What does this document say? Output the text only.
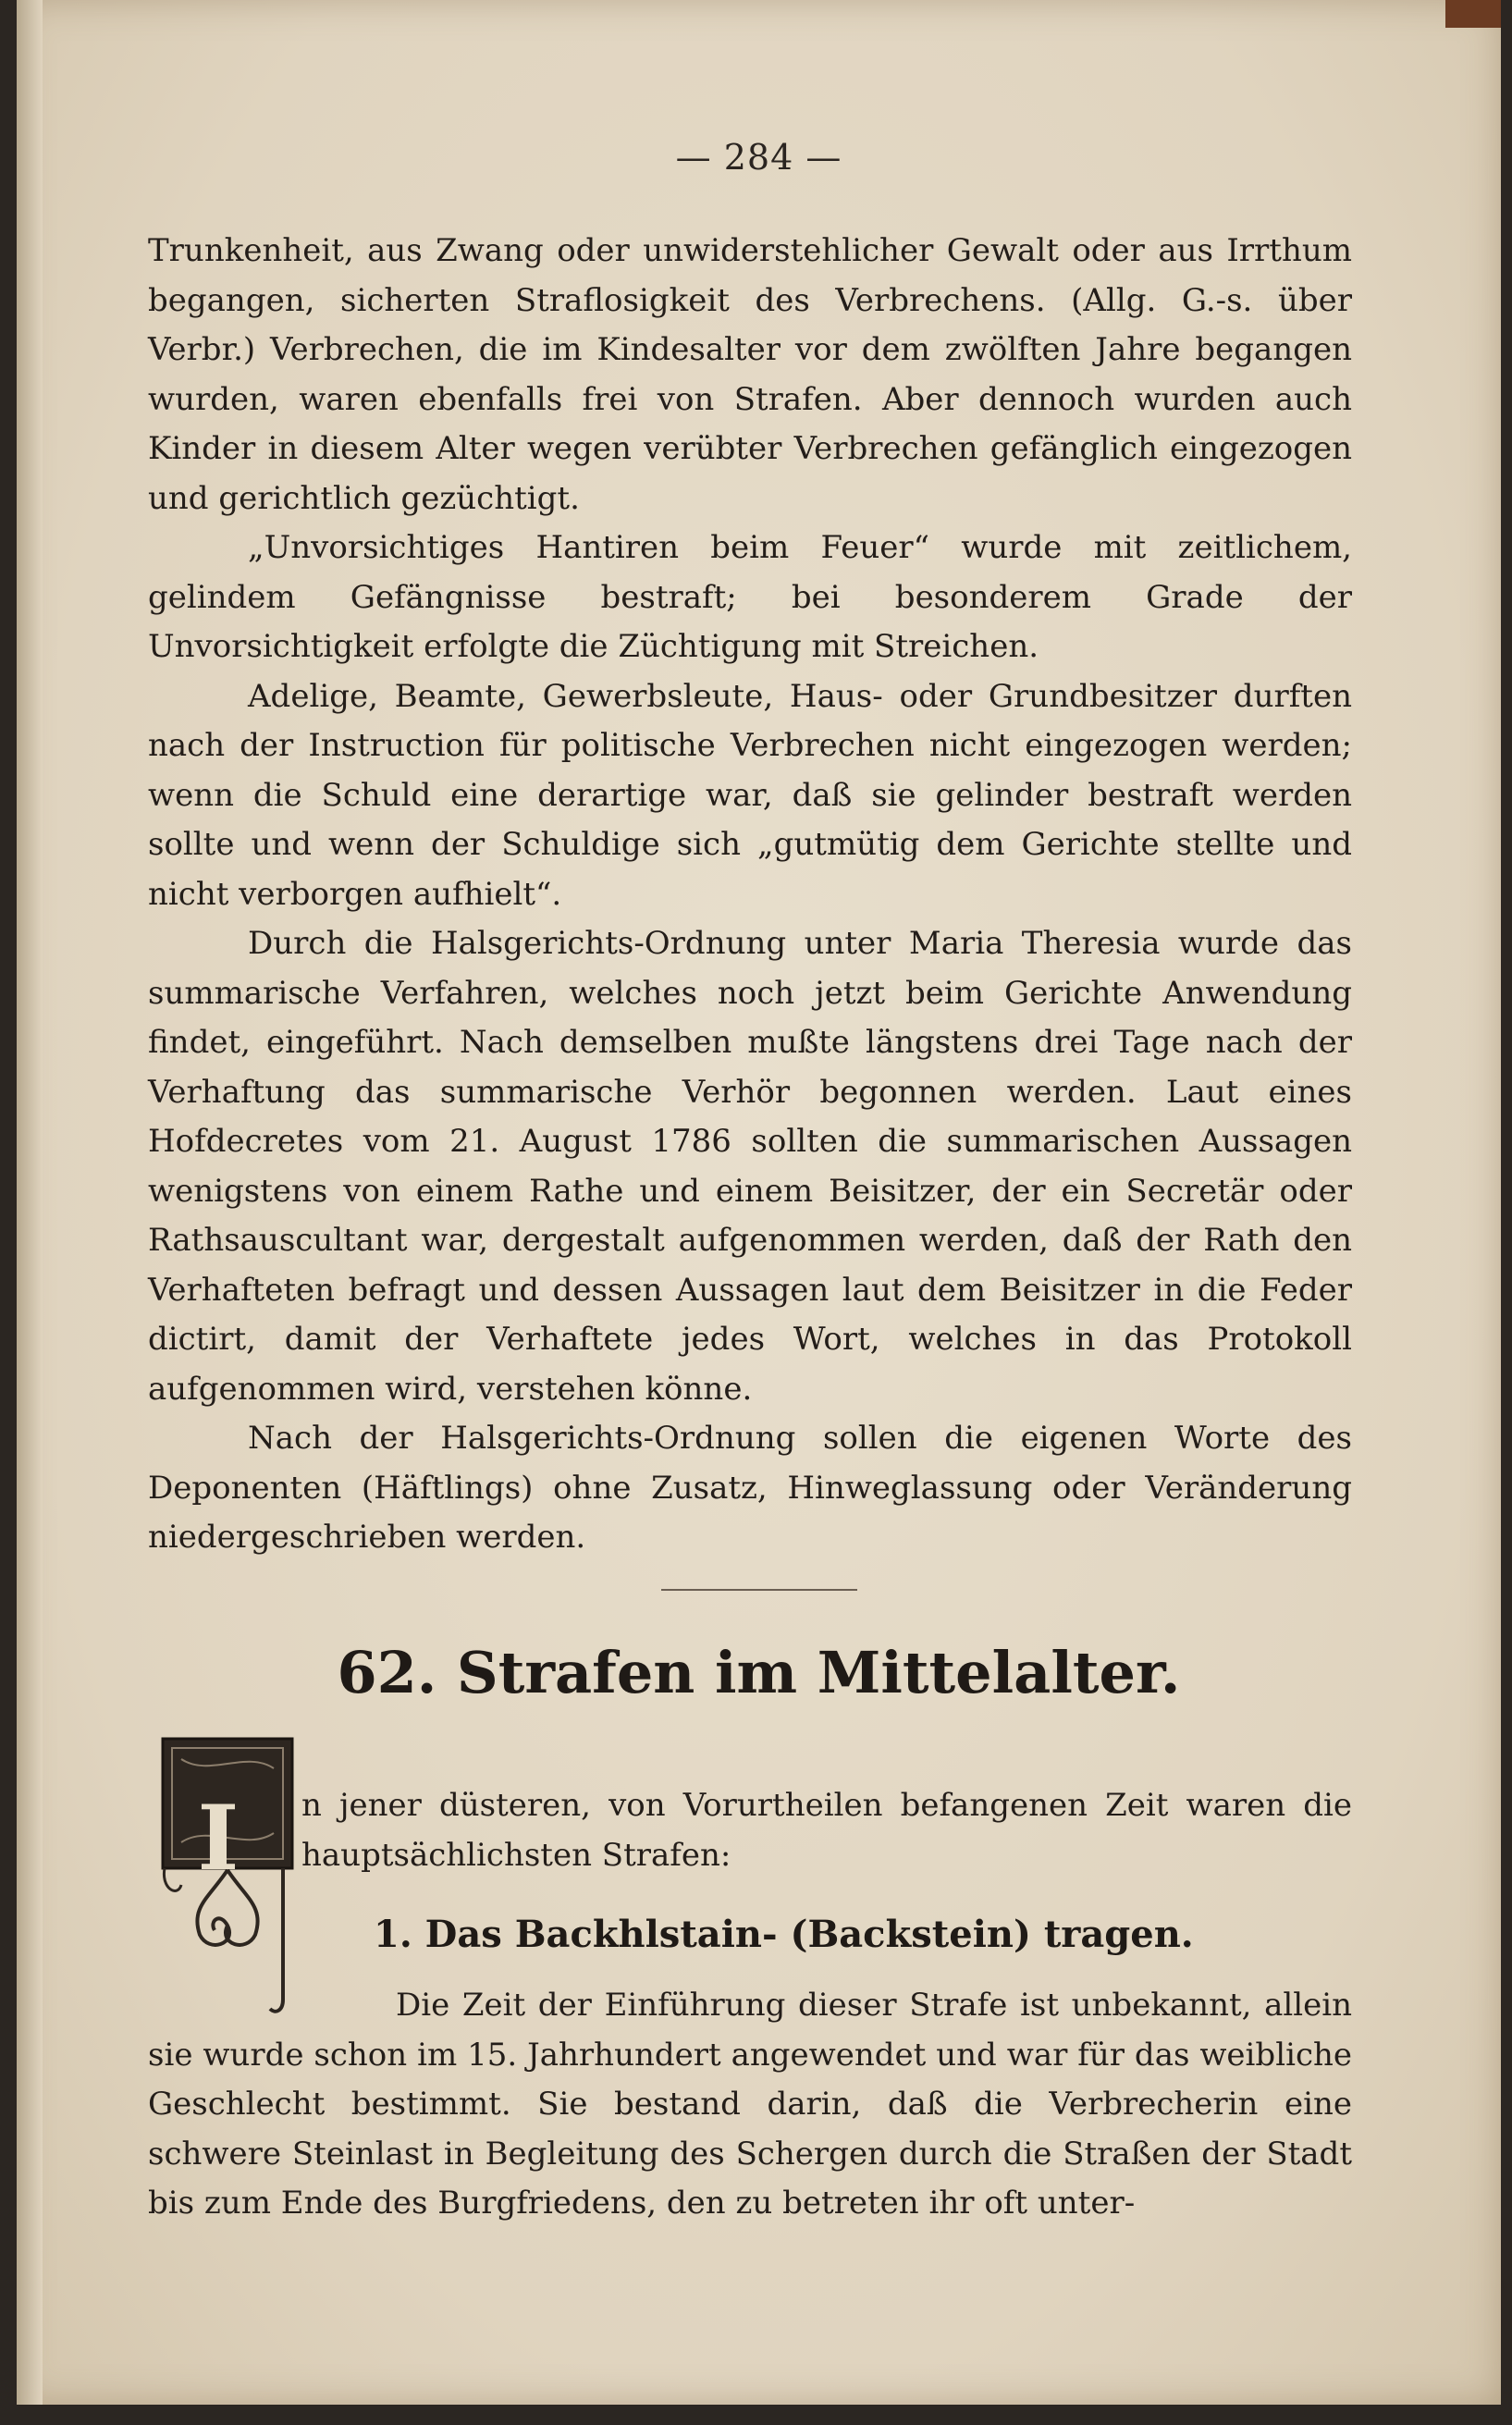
— 284 —

Trunkenheit, aus Zwang oder unwiderstehlicher Gewalt oder aus Irrthum begangen, sicherten Straflosigkeit des Verbrechens. (Allg. G.-s. über Verbr.) Verbrechen, die im Kindesalter vor dem zwölften Jahre begangen wurden, waren ebenfalls frei von Strafen. Aber dennoch wurden auch Kinder in diesem Alter wegen verübter Verbrechen gefänglich eingezogen und gerichtlich gezüchtigt.

„Unvorsichtiges Hantiren beim Feuer“ wurde mit zeitlichem, gelindem Gefängnisse bestraft; bei besonderem Grade der Unvorsichtigkeit erfolgte die Züchtigung mit Streichen.

Adelige, Beamte, Gewerbsleute, Haus- oder Grundbesitzer durften nach der Instruction für politische Verbrechen nicht eingezogen werden; wenn die Schuld eine derartige war, daß sie gelinder bestraft werden sollte und wenn der Schuldige sich „gutmütig dem Gerichte stellte und nicht verborgen aufhielt“.

Durch die Halsgerichts-Ordnung unter Maria Theresia wurde das summarische Verfahren, welches noch jetzt beim Gerichte Anwendung findet, eingeführt. Nach demselben mußte längstens drei Tage nach der Verhaftung das summarische Verhör begonnen werden. Laut eines Hofdecretes vom 21. August 1786 sollten die summarischen Aussagen wenigstens von einem Rathe und einem Beisitzer, der ein Secretär oder Rathsauscultant war, dergestalt aufgenommen werden, daß der Rath den Verhafteten befragt und dessen Aussagen laut dem Beisitzer in die Feder dictirt, damit der Verhaftete jedes Wort, welches in das Protokoll aufgenommen wird, verstehen könne.

Nach der Halsgerichts-Ordnung sollen die eigenen Worte des Deponenten (Häftlings) ohne Zusatz, Hinweglassung oder Veränderung niedergeschrieben werden.

62. Strafen im Mittelalter.
I	n jener düsteren, von Vorurtheilen befangenen Zeit waren die hauptsächlichsten Strafen:

1. Das Backhlstain- (Backstein) tragen.

Die Zeit der Einführung dieser Strafe ist unbekannt, allein sie wurde schon im 15. Jahrhundert angewendet und war für das weibliche Geschlecht bestimmt. Sie bestand darin, daß die Verbrecherin eine schwere Steinlast in Begleitung des Schergen durch die Straßen der Stadt bis zum Ende des Burgfriedens, den zu betreten ihr oft unter-
